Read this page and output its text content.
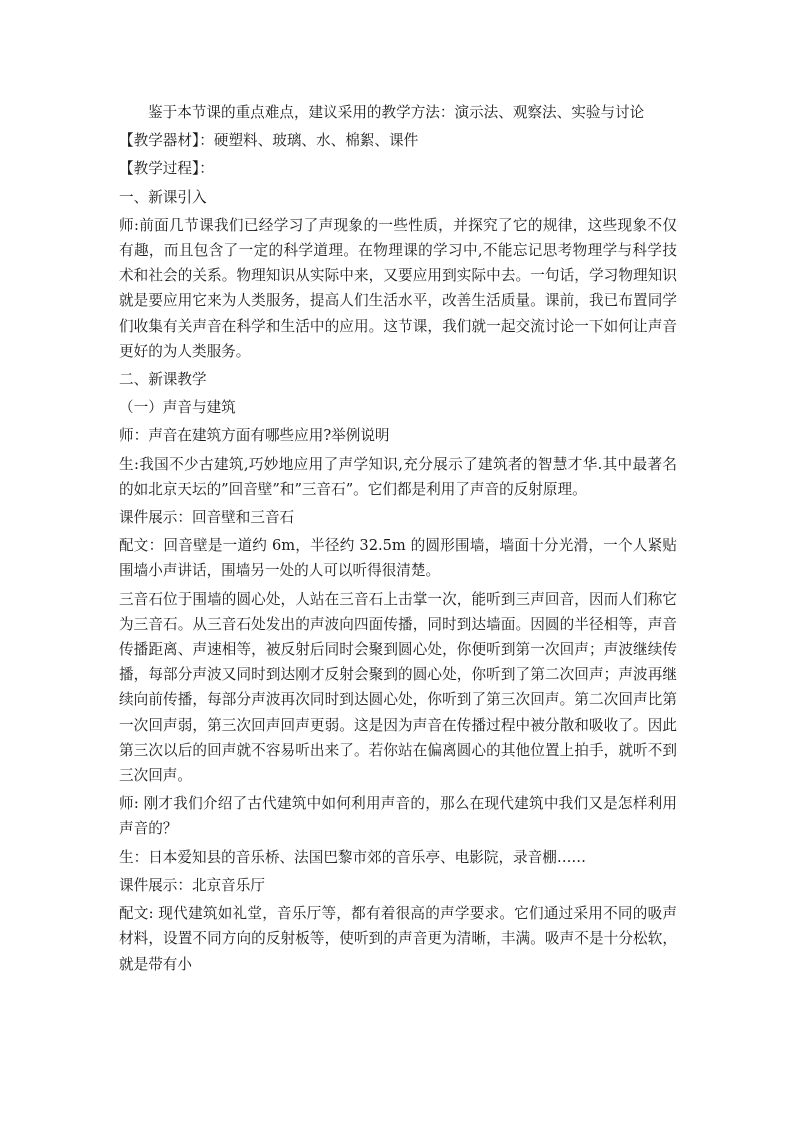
鉴于本节课的重点难点，建议采用的教学方法：演示法、观察法、实验与讨论

【教学器材】：硬塑料、玻璃、水、棉絮、课件

【教学过程】：

一、新课引入

师:前面几节课我们已经学习了声现象的一些性质，并探究了它的规律，这些现象不仅有趣，而且包含了一定的科学道理。在物理课的学习中,不能忘记思考物理学与科学技术和社会的关系。物理知识从实际中来，又要应用到实际中去。一句话，学习物理知识就是要应用它来为人类服务，提高人们生活水平，改善生活质量。课前，我已布置同学们收集有关声音在科学和生活中的应用。这节课，我们就一起交流讨论一下如何让声音更好的为人类服务。

二、新课教学

（一）声音与建筑

师：声音在建筑方面有哪些应用?举例说明

生:我国不少古建筑,巧妙地应用了声学知识,充分展示了建筑者的智慧才华.其中最著名的如北京天坛的”回音壁”和”三音石”。它们都是利用了声音的反射原理。

课件展示：回音壁和三音石

配文：回音壁是一道约 6m，半径约 32.5m 的圆形围墙，墙面十分光滑，一个人紧贴围墙小声讲话，围墙另一处的人可以听得很清楚。

三音石位于围墙的圆心处，人站在三音石上击掌一次，能听到三声回音，因而人们称它为三音石。从三音石处发出的声波向四面传播，同时到达墙面。因圆的半径相等，声音传播距离、声速相等，被反射后同时会聚到圆心处，你便听到第一次回声；声波继续传播，每部分声波又同时到达刚才反射会聚到的圆心处，你听到了第二次回声；声波再继续向前传播，每部分声波再次同时到达圆心处，你听到了第三次回声。第二次回声比第一次回声弱，第三次回声回声更弱。这是因为声音在传播过程中被分散和吸收了。因此第三次以后的回声就不容易听出来了。若你站在偏离圆心的其他位置上拍手，就听不到三次回声。

师: 刚才我们介绍了古代建筑中如何利用声音的，那么在现代建筑中我们又是怎样利用声音的？

生：日本爱知县的音乐桥、法国巴黎市郊的音乐亭、电影院，录音棚……

课件展示：北京音乐厅

配文: 现代建筑如礼堂，音乐厅等，都有着很高的声学要求。它们通过采用不同的吸声材料，设置不同方向的反射板等，使听到的声音更为清晰，丰满。吸声不是十分松软，就是带有小
